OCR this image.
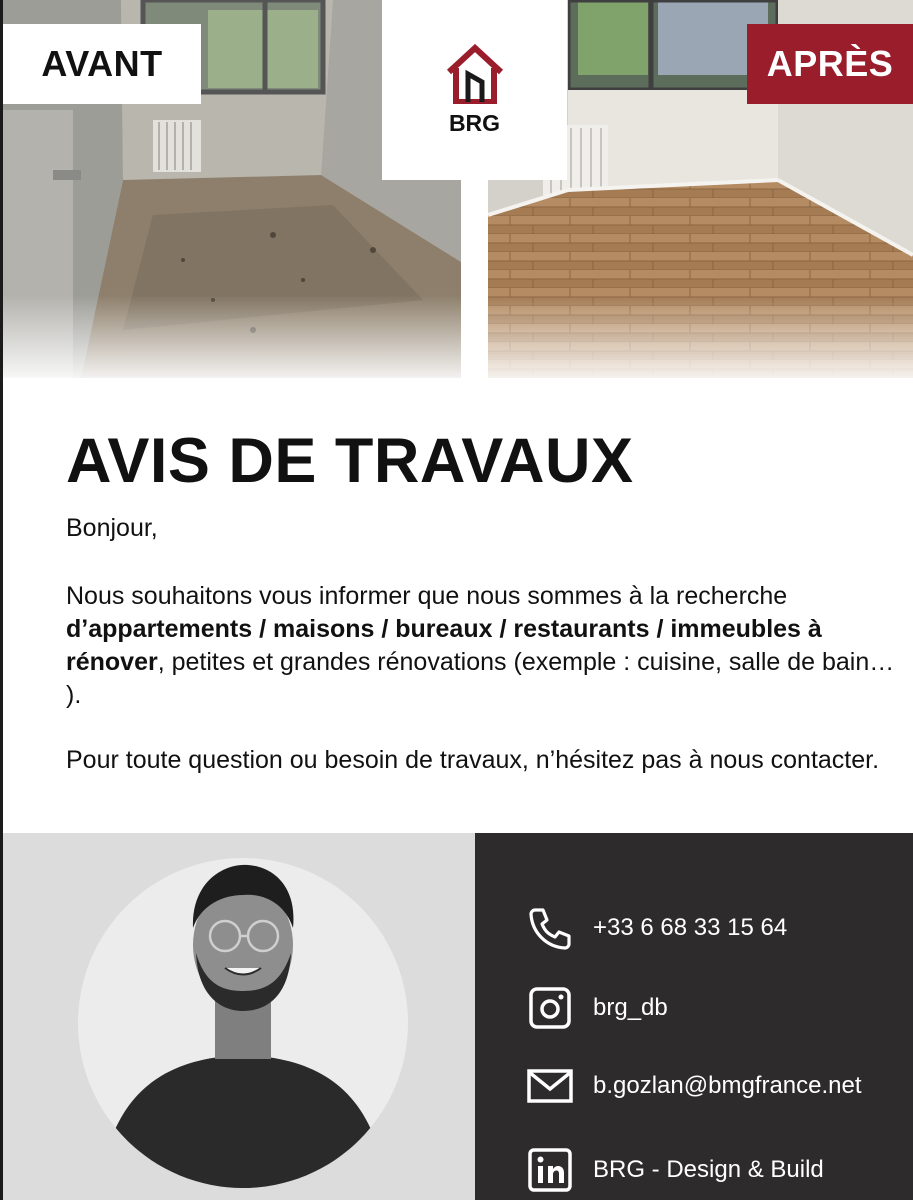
AVANT	APRÈS
BRG
AVIS DE TRAVAUX
Bonjour,

Nous souhaitons vous informer que nous sommes à la recherche d’appartements / maisons / bureaux / restaurants / immeubles à rénover, petites et grandes rénovations (exemple : cuisine, salle de bain… ).

Pour toute question ou besoin de travaux, n’hésitez pas à nous contacter.

+33 6 68 33 15 64
brg_db
b.gozlan@bmgfrance.net
BRG - Design & Build
